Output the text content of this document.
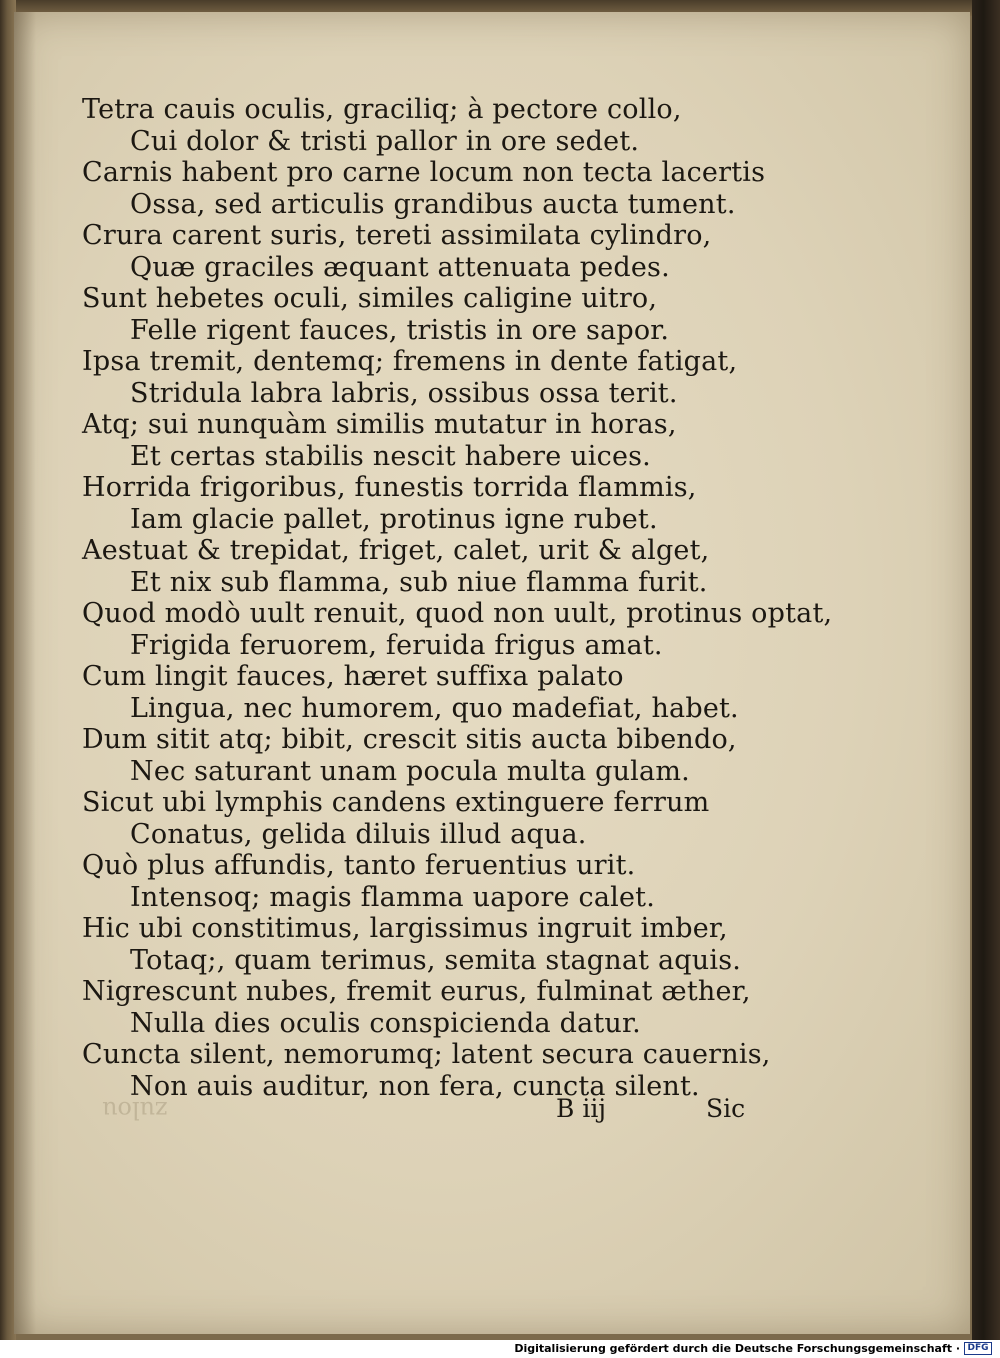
Tetra cauis oculis, graciliq; à pectore collo,
Cui dolor & tristi pallor in ore sedet.
Carnis habent pro carne locum non tecta lacertis
Ossa, sed articulis grandibus aucta tument.
Crura carent suris, tereti assimilata cylindro,
Quæ graciles æquant attenuata pedes.
Sunt hebetes oculi, similes caligine uitro,
Felle rigent fauces, tristis in ore sapor.
Ipsa tremit, dentemq; fremens in dente fatigat,
Stridula labra labris, ossibus ossa terit.
Atq; sui nunquàm similis mutatur in horas,
Et certas stabilis nescit habere uices.
Horrida frigoribus, funestis torrida flammis,
Iam glacie pallet, protinus igne rubet.
Aestuat & trepidat, friget, calet, urit & alget,
Et nix sub flamma, sub niue flamma furit.
Quod modò uult renuit, quod non uult, protinus optat,
Frigida feruorem, feruida frigus amat.
Cum lingit fauces, hæret suffixa palato
Lingua, nec humorem, quo madefiat, habet.
Dum sitit atq; bibit, crescit sitis aucta bibendo,
Nec saturant unam pocula multa gulam.
Sicut ubi lymphis candens extinguere ferrum
Conatus, gelida diluis illud aqua.
Quò plus affundis, tanto feruentius urit.
Intensoq; magis flamma uapore calet.
Hic ubi constitimus, largissimus ingruit imber,
Totaq;, quam terimus, semita stagnat aquis.
Nigrescunt nubes, fremit eurus, fulminat æther,
Nulla dies oculis conspicienda datur.
Cuncta silent, nemorumq; latent secura cauernis,
Non auis auditur, non fera, cuncta silent.
zulou	B iij	Sic
Digitalisierung gefördert durch die Deutsche Forschungsgemeinschaft · DFG
